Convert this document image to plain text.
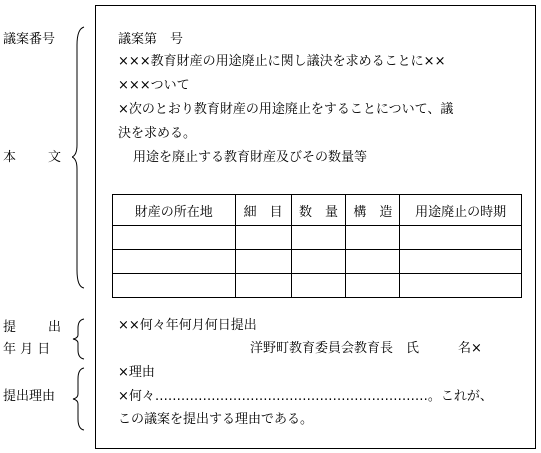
議案番号
本 文
提 出
年 月 日
提出理由
議案第　号
×××教育財産の用途廃止に関し議決を求めることに××
×××ついて
×次のとおり教育財産の用途廃止をすることについて、議
決を求める。
用途を廃止する教育財産及びその数量等
財産の所在地	細　目	数　量	構　造	用途廃止の時期

××何々年何月何日提出
洋野町教育委員会教育長　氏　　　名×
×理由
×何々………………………………………………………。これが、
この議案を提出する理由である。
